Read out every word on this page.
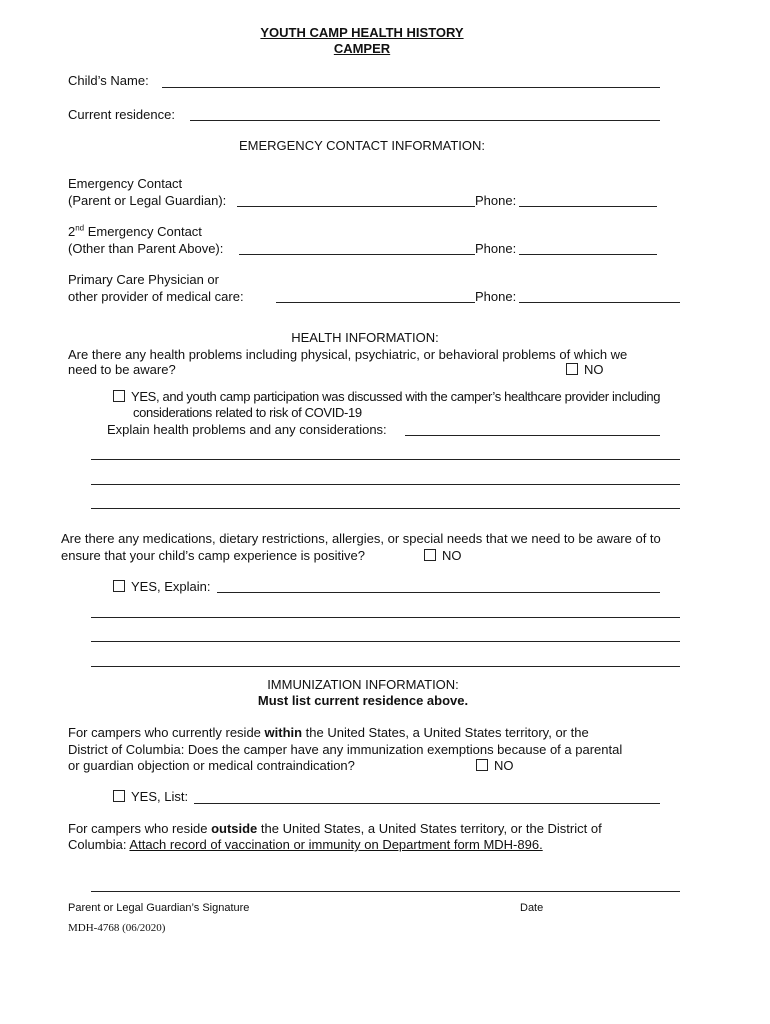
YOUTH CAMP HEALTH HISTORY
CAMPER
Child’s Name:
Current residence:
EMERGENCY CONTACT INFORMATION:
Emergency Contact
(Parent or Legal Guardian):	Phone:
2nd Emergency Contact
(Other than Parent Above):	Phone:
Primary Care Physician or
other provider of medical care:	Phone:
HEALTH INFORMATION:
Are there any health problems including physical, psychiatric, or behavioral problems of which we
need to be aware?	NO
YES, and youth camp participation was discussed with the camper’s healthcare provider including
considerations related to risk of COVID-19
Explain health problems and any considerations:
Are there any medications, dietary restrictions, allergies, or special needs that we need to be aware of to
ensure that your child’s camp experience is positive?	NO
YES, Explain:
IMMUNIZATION INFORMATION:
Must list current residence above.
For campers who currently reside within the United States, a United States territory, or the
District of Columbia: Does the camper have any immunization exemptions because of a parental
or guardian objection or medical contraindication?	NO
YES, List:
For campers who reside outside the United States, a United States territory, or the District of
Columbia: Attach record of vaccination or immunity on Department form MDH-896.
Parent or Legal Guardian’s Signature	Date
MDH-4768 (06/2020)
